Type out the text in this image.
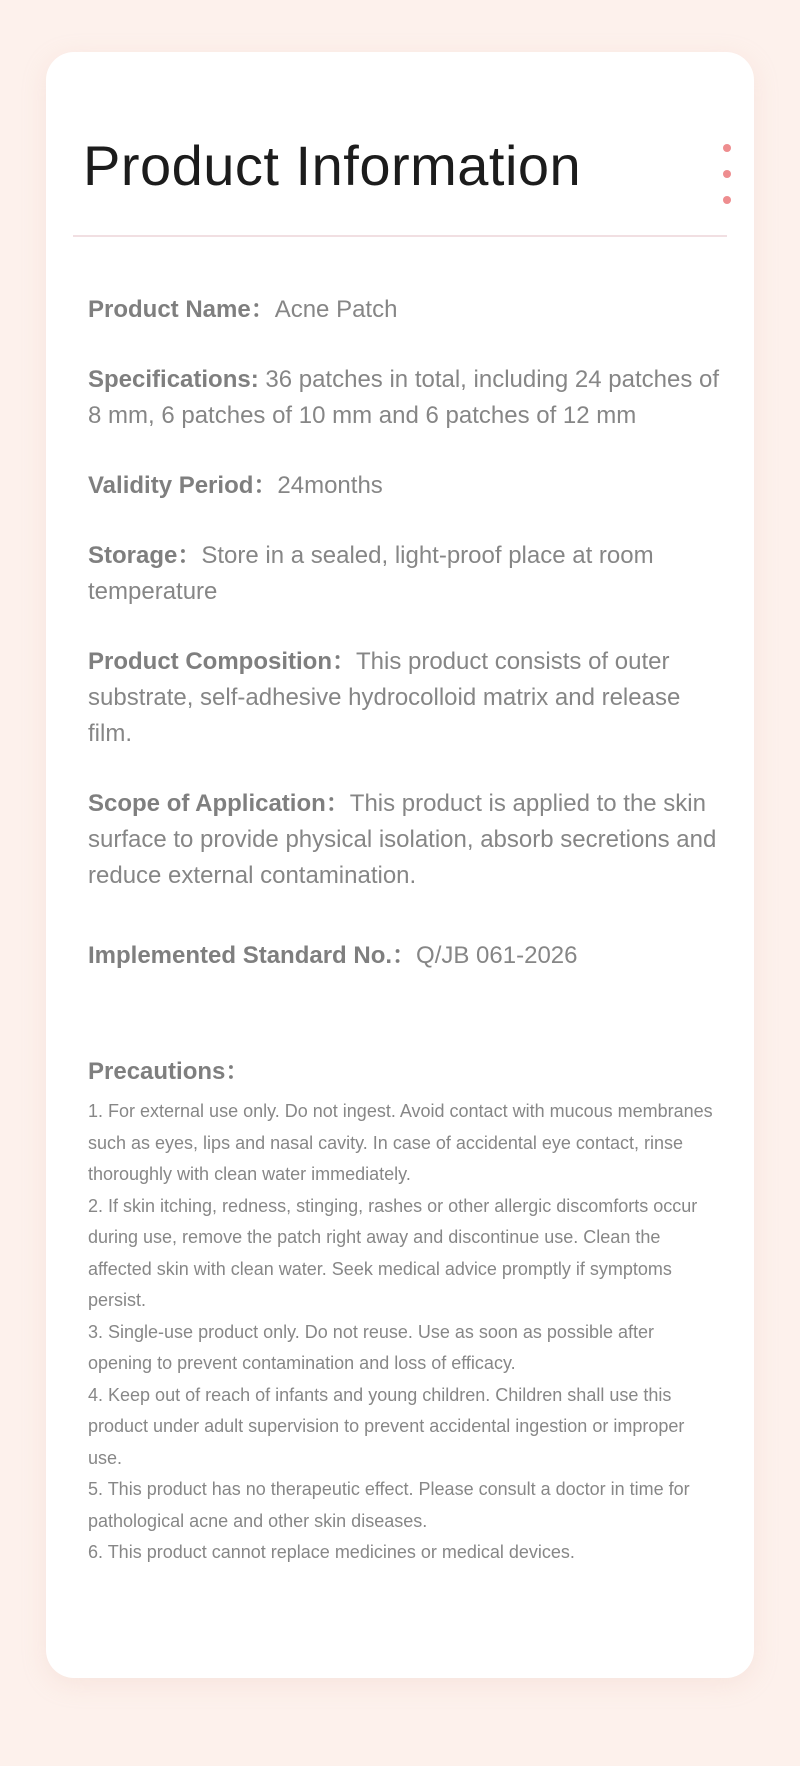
Product Information

Product Name：Acne Patch

Specifications: 36 patches in total, including 24 patches of 8 mm, 6 patches of 10 mm and 6 patches of 12 mm

Validity Period：24months

Storage：Store in a sealed, light-proof place at room temperature

Product Composition：This product consists of outer substrate, self-adhesive hydrocolloid matrix and release film.

Scope of Application：This product is applied to the skin surface to provide physical isolation, absorb secretions and reduce external contamination.

Implemented Standard No.：Q/JB 061-2026

Precautions：

1. For external use only. Do not ingest. Avoid contact with mucous membranes such as eyes, lips and nasal cavity. In case of accidental eye contact, rinse thoroughly with clean water immediately.
2. If skin itching, redness, stinging, rashes or other allergic discomforts occur during use, remove the patch right away and discontinue use. Clean the affected skin with clean water. Seek medical advice promptly if symptoms persist.
3. Single-use product only. Do not reuse. Use as soon as possible after opening to prevent contamination and loss of efficacy.
4. Keep out of reach of infants and young children. Children shall use this product under adult supervision to prevent accidental ingestion or improper use.
5. This product has no therapeutic effect. Please consult a doctor in time for pathological acne and other skin diseases.
6. This product cannot replace medicines or medical devices.
